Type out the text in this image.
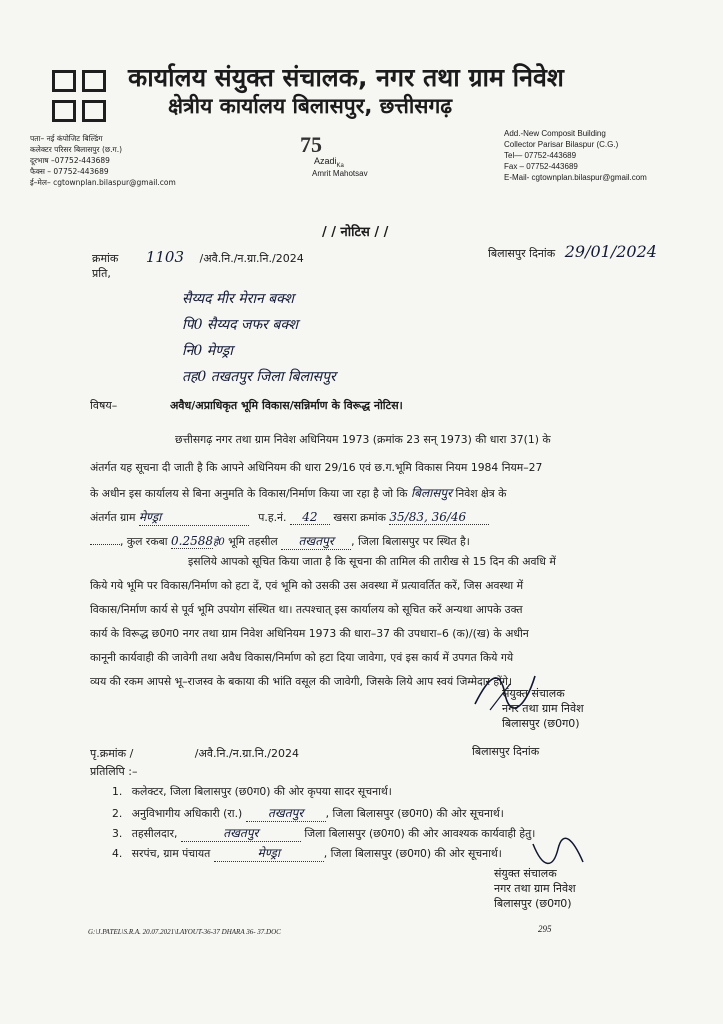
कार्यालय संयुक्त संचालक, नगर तथा ग्राम निवेश
क्षेत्रीय कार्यालय बिलासपुर, छत्तीसगढ़
पता– नई कंपोजिट बिल्डिंग
कलेक्टर परिसर बिलासपुर (छ.ग.)
दूरभाष –07752-443689
फैक्स – 07752-443689
ई–मेल– cgtownplan.bilaspur@gmail.com
75
Azadi$_{Ka}$
Amrit Mahotsav
Add.-New Composit Building
Collector Parisar Bilaspur (C.G.)
Tel— 07752-443689
Fax – 07752-443689
E-Mail- cgtownplan.bilaspur@gmail.com
/ / नोटिस / /
क्रमांक 1103 /अवै.नि./न.ग्रा.नि./2024
प्रति,
बिलासपुर दिनांक 29/01/2024
सैय्यद मीर मेरान बक्श
पि0 सैय्यद जफर बक्श
नि0 मेण्ड्रा
तह0 तखतपुर जिला बिलासपुर
विषय–	अवैध/अप्राधिकृत भूमि विकास/सन्निर्माण के विरूद्ध नोटिस।
छत्तीसगढ़ नगर तथा ग्राम निवेश अधिनियम 1973 (क्रमांक 23 सन् 1973) की धारा 37(1) के
अंतर्गत यह सूचना दी जाती है कि आपने अधिनियम की धारा 29/16 एवं छ.ग.भूमि विकास नियम 1984 नियम–27
के अधीन इस कार्यालय से बिना अनुमति के विकास/निर्माण किया जा रहा है जो कि बिलासपुर निवेश क्षेत्र के
अंतर्गत ग्राम मेण्ड्रा	प.ह.नं. 42 खसरा क्रमांक 35/83, 36/46
, कुल रकबा 0.2588हे0 भूमि तहसील तखतपुर , जिला बिलासपुर पर स्थित है।
इसलिये आपको सूचित किया जाता है कि सूचना की तामिल की तारीख से 15 दिन की अवधि में
किये गये भूमि पर विकास/निर्माण को हटा दें, एवं भूमि को उसकी उस अवस्था में प्रत्यावर्तित करें, जिस अवस्था में
विकास/निर्माण कार्य से पूर्व भूमि उपयोग संस्थित था। तत्पश्चात् इस कार्यालय को सूचित करें अन्यथा आपके उक्त
कार्य के विरूद्ध छ0ग0 नगर तथा ग्राम निवेश अधिनियम 1973 की धारा–37 की उपधारा–6 (क)/(ख) के अधीन
कानूनी कार्यवाही की जावेगी तथा अवैध विकास/निर्माण को हटा दिया जावेगा, एवं इस कार्य में उपगत किये गये
व्यय की रकम आपसे भू–राजस्व के बकाया की भांति वसूल की जावेगी, जिसके लिये आप स्वयं जिम्मेदार होंगे।
संयुक्त संचालक
नगर तथा ग्राम निवेश
बिलासपुर (छ0ग0)
पृ.क्रमांक /	/अवै.नि./न.ग्रा.नि./2024	बिलासपुर दिनांक
प्रतिलिपि :–
1. कलेक्टर, जिला बिलासपुर (छ0ग0) की ओर कृपया सादर सूचनार्थ।
2. अनुविभागीय अधिकारी (रा.) तखतपुर , जिला बिलासपुर (छ0ग0) की ओर सूचनार्थ।
3. तहसीलदार,	तखतपुर	जिला बिलासपुर (छ0ग0) की ओर आवश्यक कार्यवाही हेतु।
4. सरपंच, ग्राम पंचायत	मेण्ड्रा	, जिला बिलासपुर (छ0ग0) की ओर सूचनार्थ।
संयुक्त संचालक
नगर तथा ग्राम निवेश
बिलासपुर (छ0ग0)
G:\J.PATEL\S.R.A. 20.07.2021\LAYOUT-36-37 DHARA 36- 37.DOC	295
